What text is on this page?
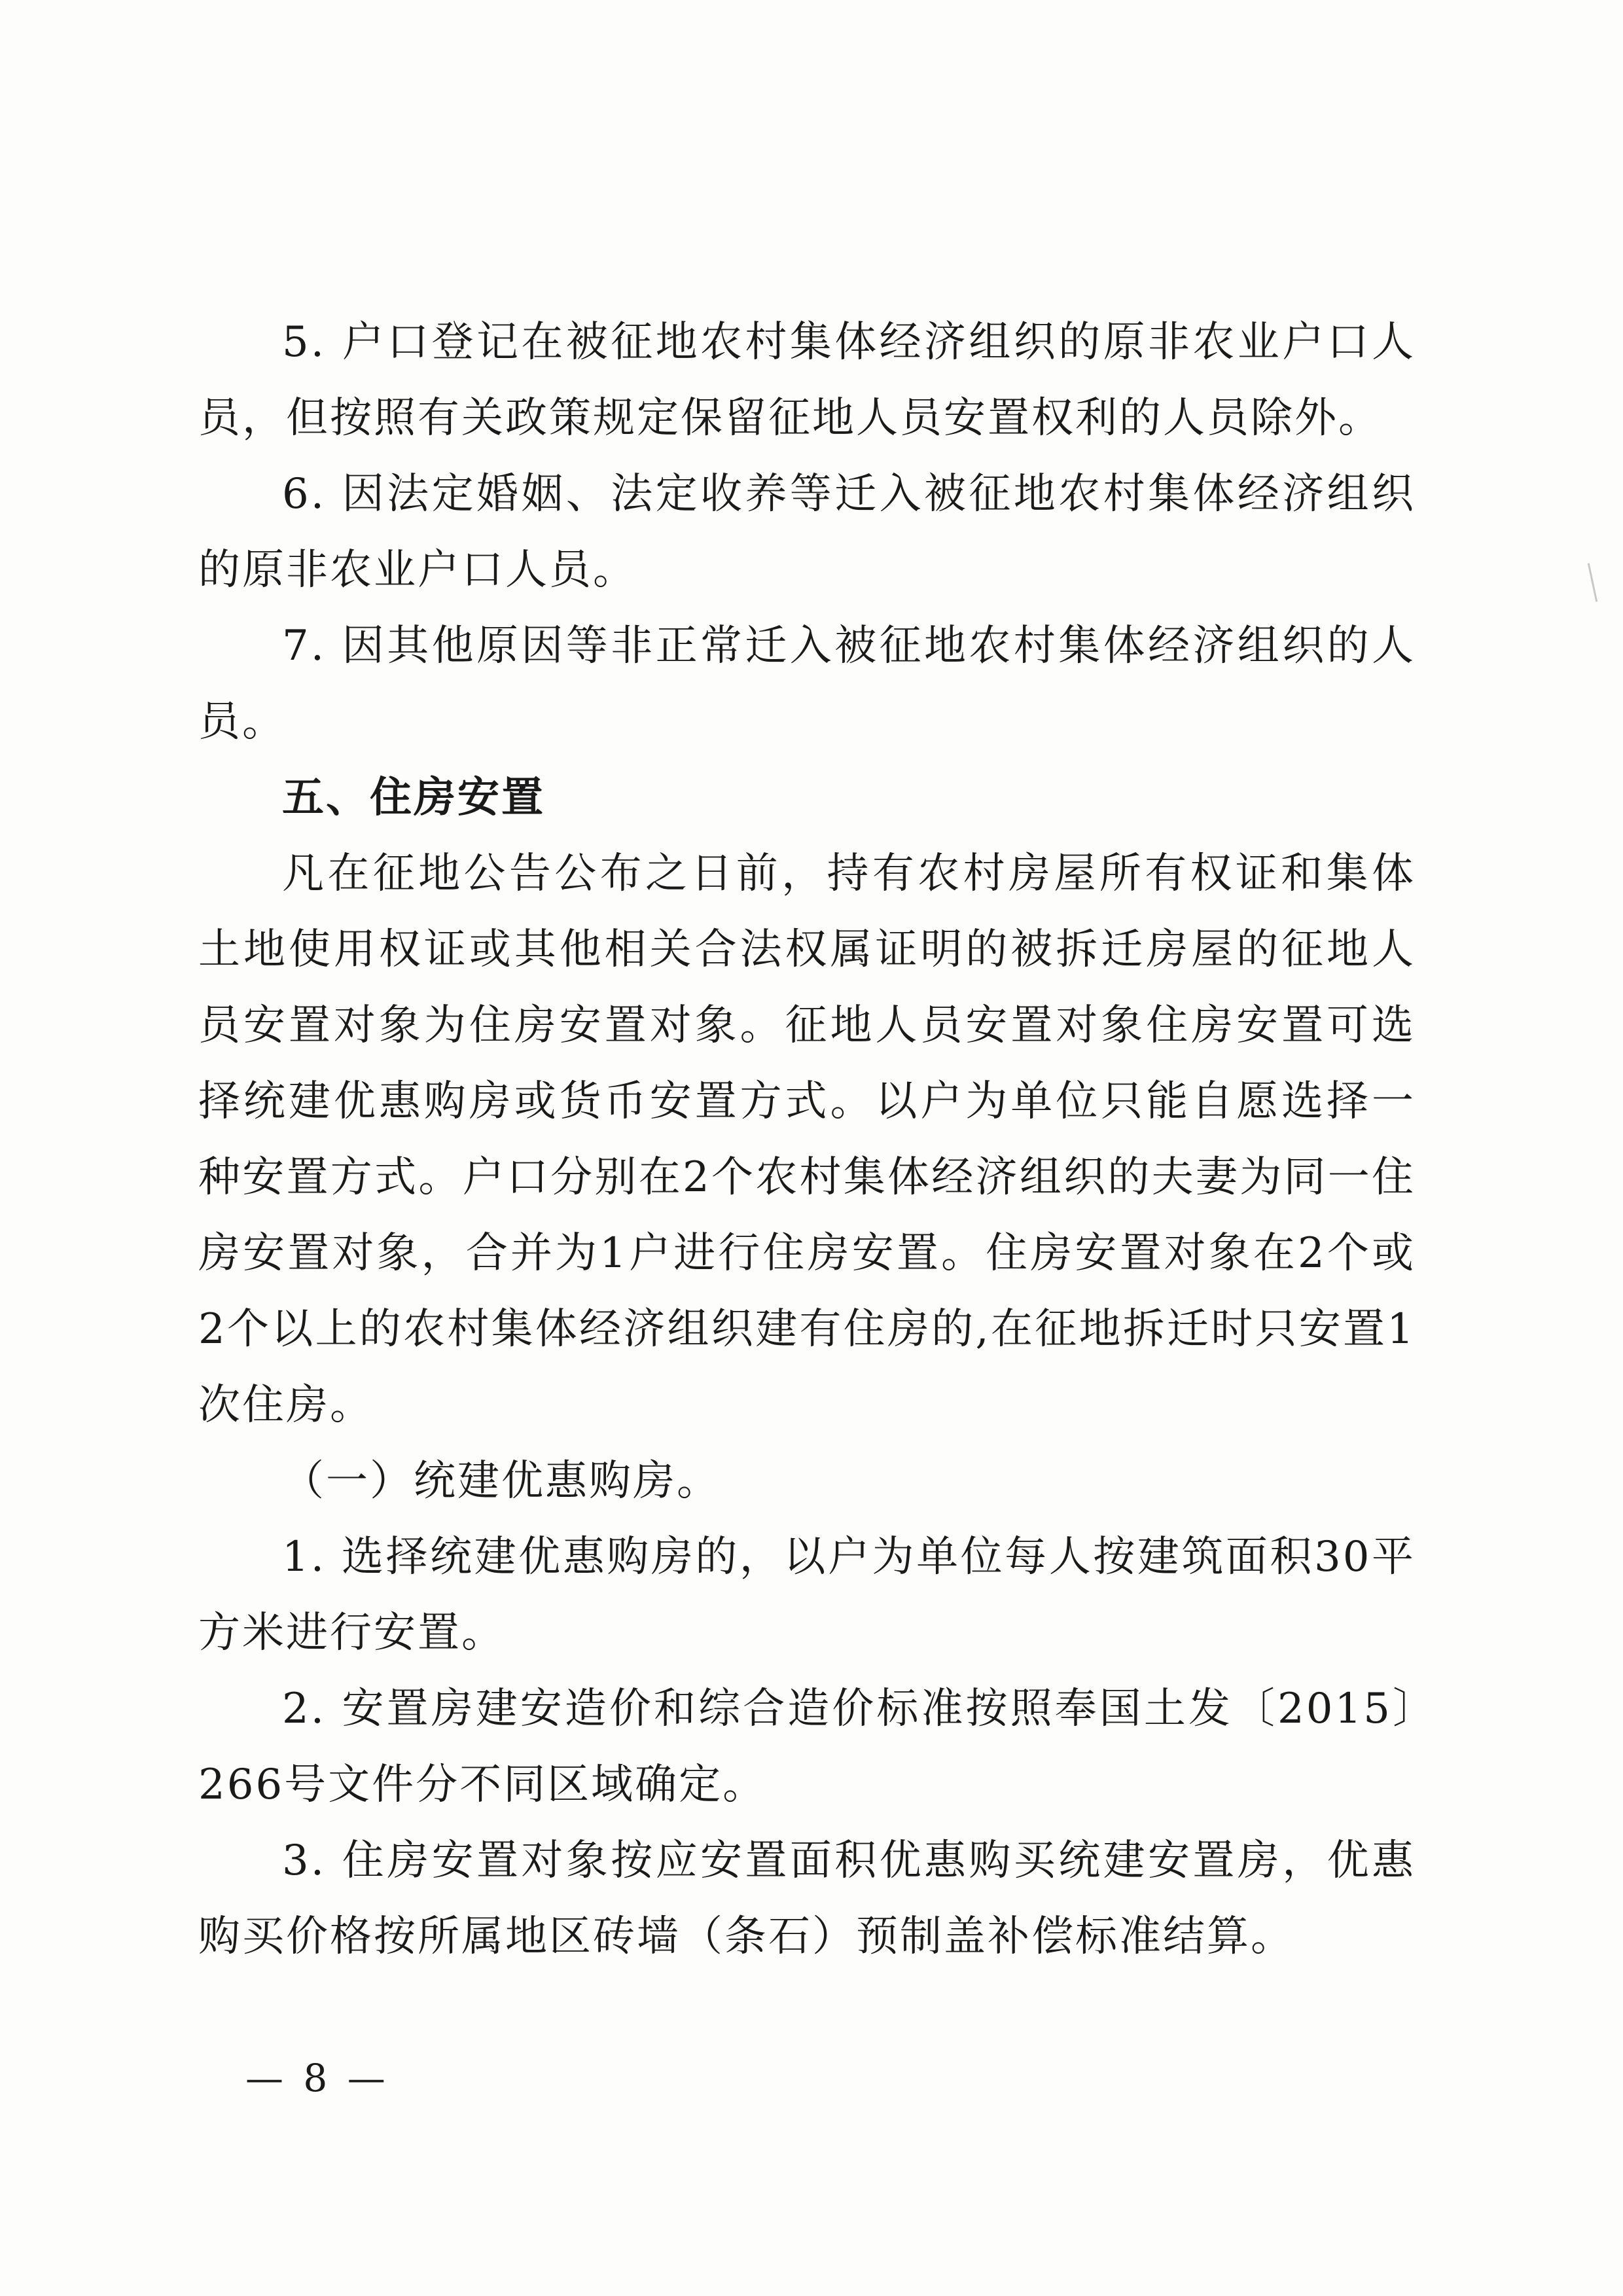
5. 户口登记在被征地农村集体经济组织的原非农业户口人员，但按照有关政策规定保留征地人员安置权利的人员除外。

6. 因法定婚姻、法定收养等迁入被征地农村集体经济组织的原非农业户口人员。

7. 因其他原因等非正常迁入被征地农村集体经济组织的人员。

五、住房安置

凡在征地公告公布之日前，持有农村房屋所有权证和集体土地使用权证或其他相关合法权属证明的被拆迁房屋的征地人员安置对象为住房安置对象。征地人员安置对象住房安置可选择统建优惠购房或货币安置方式。以户为单位只能自愿选择一种安置方式。户口分别在2个农村集体经济组织的夫妻为同一住房安置对象，合并为1户进行住房安置。住房安置对象在2个或2个以上的农村集体经济组织建有住房的,在征地拆迁时只安置1次住房。

（一）统建优惠购房。

1. 选择统建优惠购房的，以户为单位每人按建筑面积30平方米进行安置。

2. 安置房建安造价和综合造价标准按照奉国土发〔2015〕266号文件分不同区域确定。

3. 住房安置对象按应安置面积优惠购买统建安置房，优惠购买价格按所属地区砖墙（条石）预制盖补偿标准结算。

— 8 —
